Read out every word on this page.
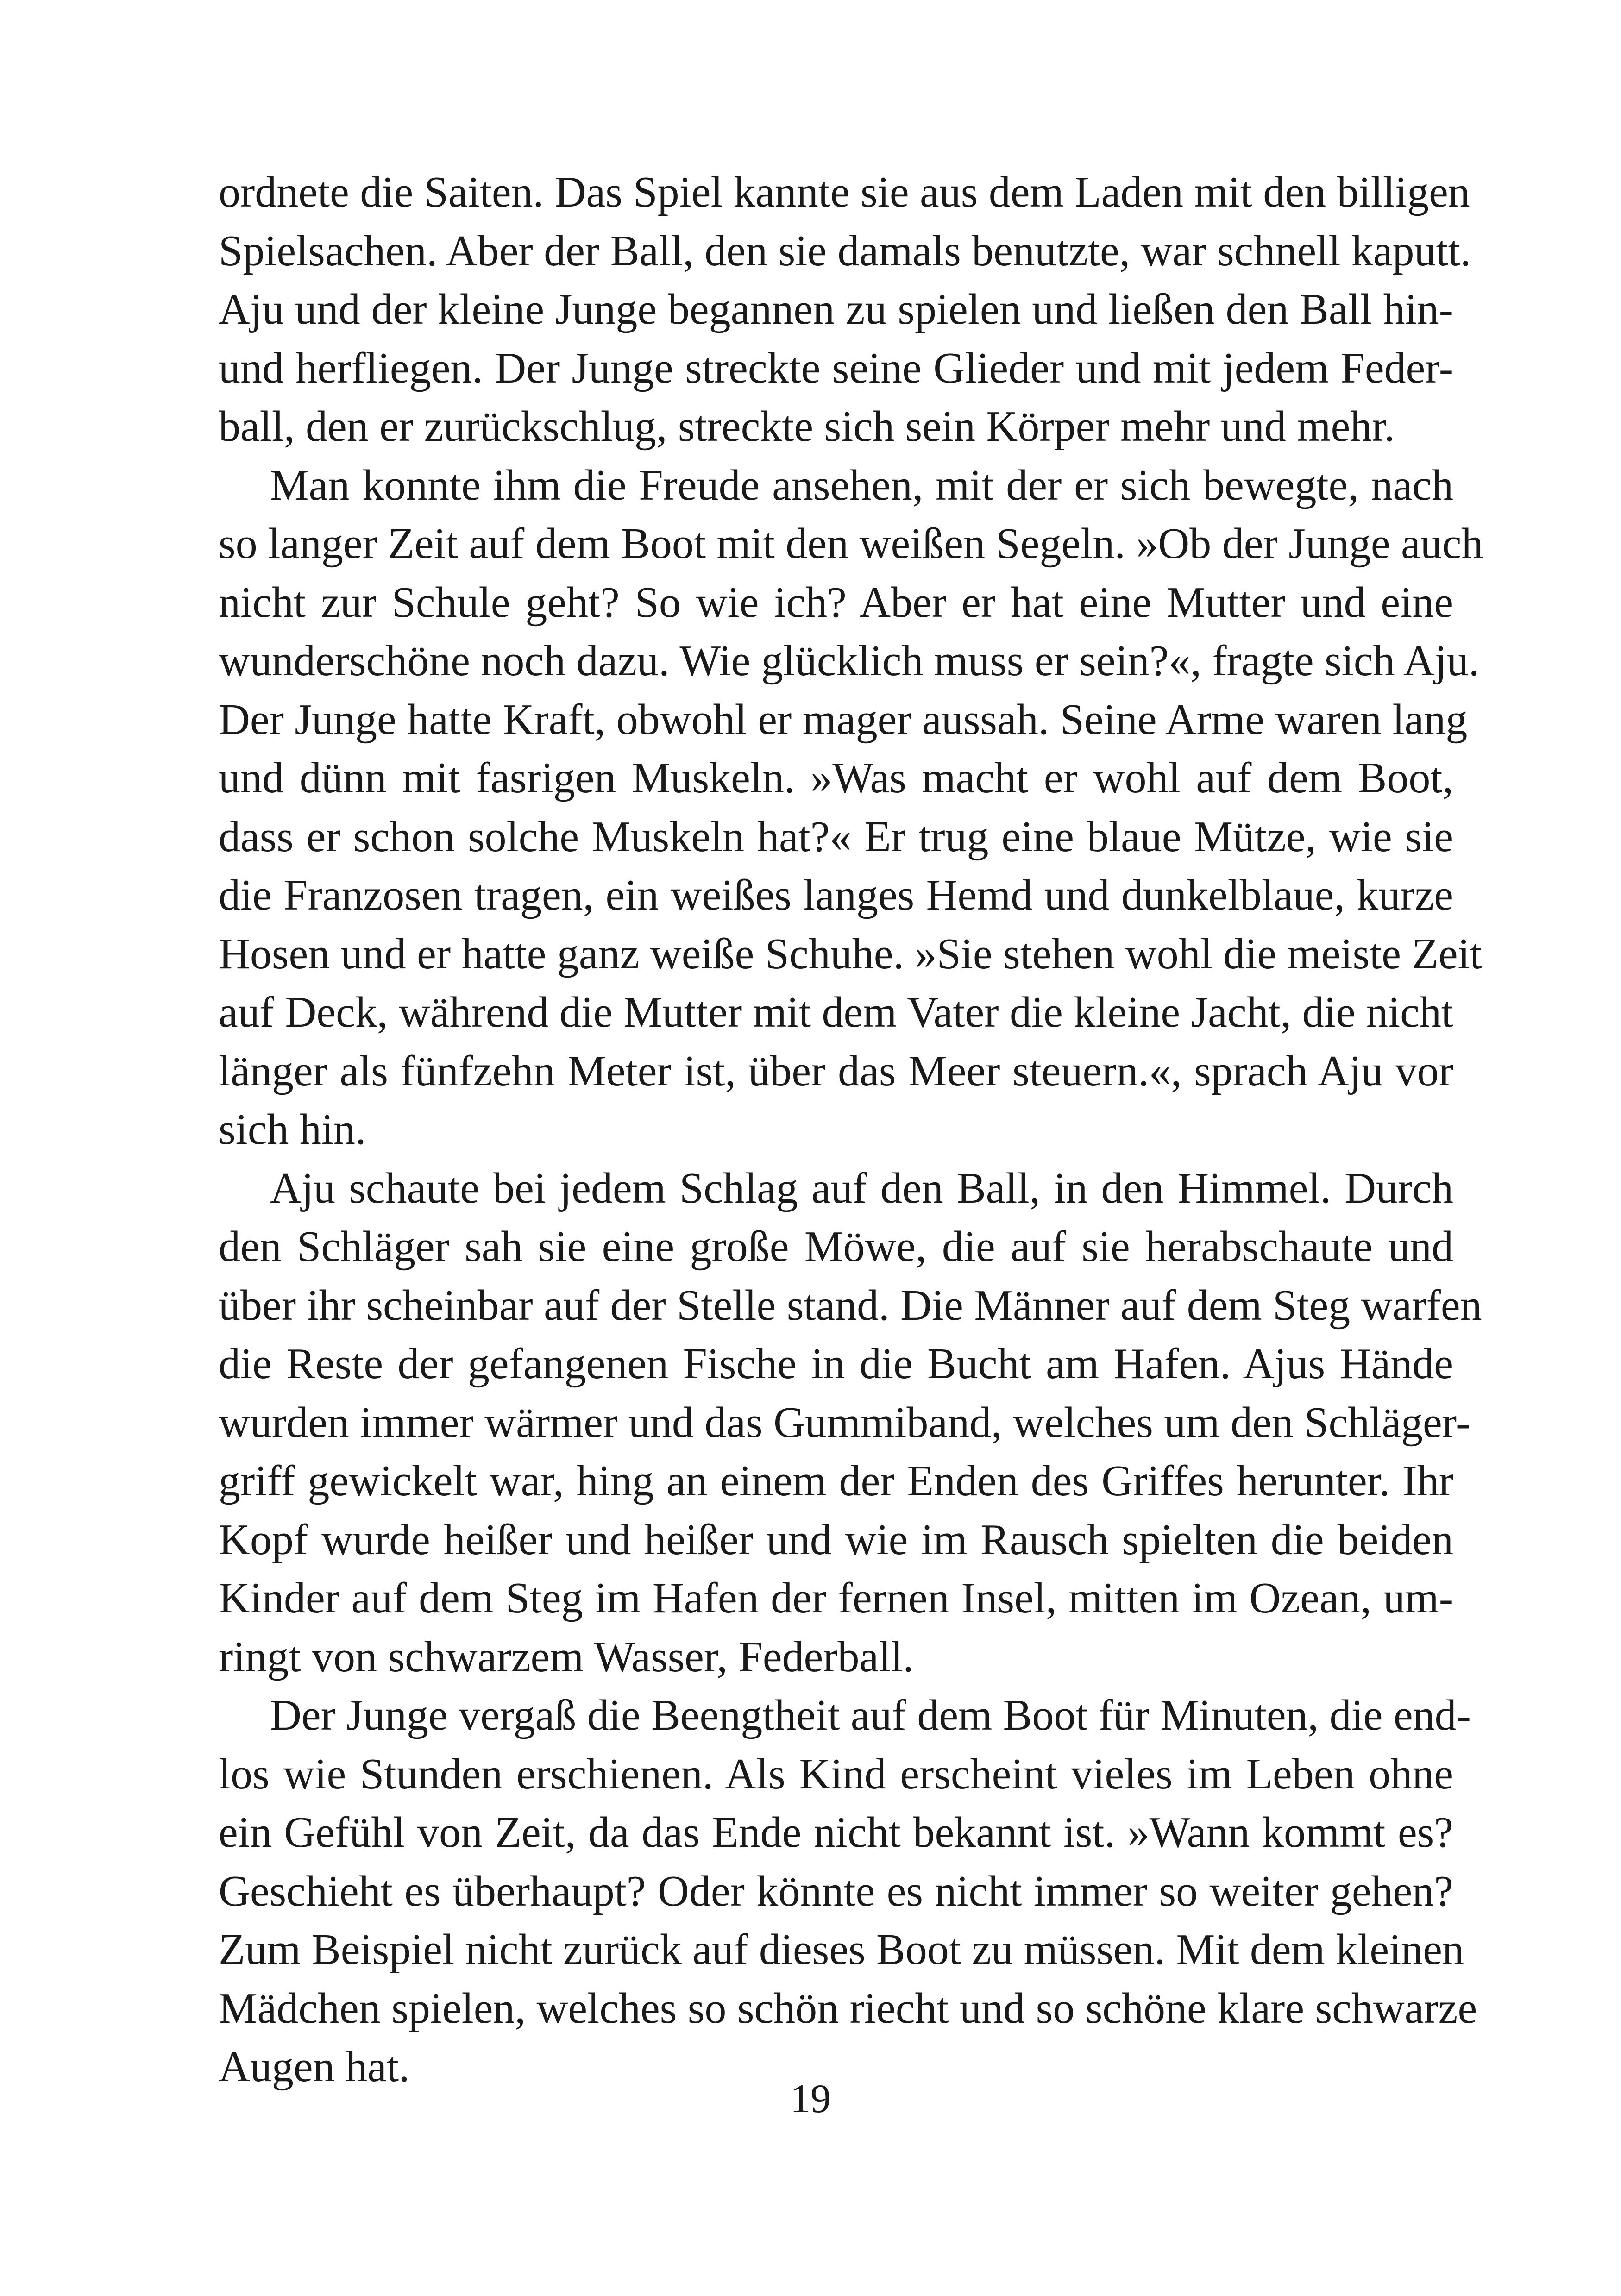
ordnete die Saiten. Das Spiel kannte sie aus dem Laden mit den billigen
Spielsachen. Aber der Ball, den sie damals benutzte, war schnell kaputt.
Aju und der kleine Junge begannen zu spielen und ließen den Ball hin-
und herfliegen. Der Junge streckte seine Glieder und mit jedem Feder-
ball, den er zurückschlug, streckte sich sein Körper mehr und mehr.
Man konnte ihm die Freude ansehen, mit der er sich bewegte, nach
so langer Zeit auf dem Boot mit den weißen Segeln. »Ob der Junge auch
nicht zur Schule geht? So wie ich? Aber er hat eine Mutter und eine
wunderschöne noch dazu. Wie glücklich muss er sein?«, fragte sich Aju.
Der Junge hatte Kraft, obwohl er mager aussah. Seine Arme waren lang
und dünn mit fasrigen Muskeln. »Was macht er wohl auf dem Boot,
dass er schon solche Muskeln hat?« Er trug eine blaue Mütze, wie sie
die Franzosen tragen, ein weißes langes Hemd und dunkelblaue, kurze
Hosen und er hatte ganz weiße Schuhe. »Sie stehen wohl die meiste Zeit
auf Deck, während die Mutter mit dem Vater die kleine Jacht, die nicht
länger als fünfzehn Meter ist, über das Meer steuern.«, sprach Aju vor
sich hin.
Aju schaute bei jedem Schlag auf den Ball, in den Himmel. Durch
den Schläger sah sie eine große Möwe, die auf sie herabschaute und
über ihr scheinbar auf der Stelle stand. Die Männer auf dem Steg warfen
die Reste der gefangenen Fische in die Bucht am Hafen. Ajus Hände
wurden immer wärmer und das Gummiband, welches um den Schläger-
griff gewickelt war, hing an einem der Enden des Griffes herunter. Ihr
Kopf wurde heißer und heißer und wie im Rausch spielten die beiden
Kinder auf dem Steg im Hafen der fernen Insel, mitten im Ozean, um-
ringt von schwarzem Wasser, Federball.
Der Junge vergaß die Beengtheit auf dem Boot für Minuten, die end-
los wie Stunden erschienen. Als Kind erscheint vieles im Leben ohne
ein Gefühl von Zeit, da das Ende nicht bekannt ist. »Wann kommt es?
Geschieht es überhaupt? Oder könnte es nicht immer so weiter gehen?
Zum Beispiel nicht zurück auf dieses Boot zu müssen. Mit dem kleinen
Mädchen spielen, welches so schön riecht und so schöne klare schwarze
Augen hat.
19
